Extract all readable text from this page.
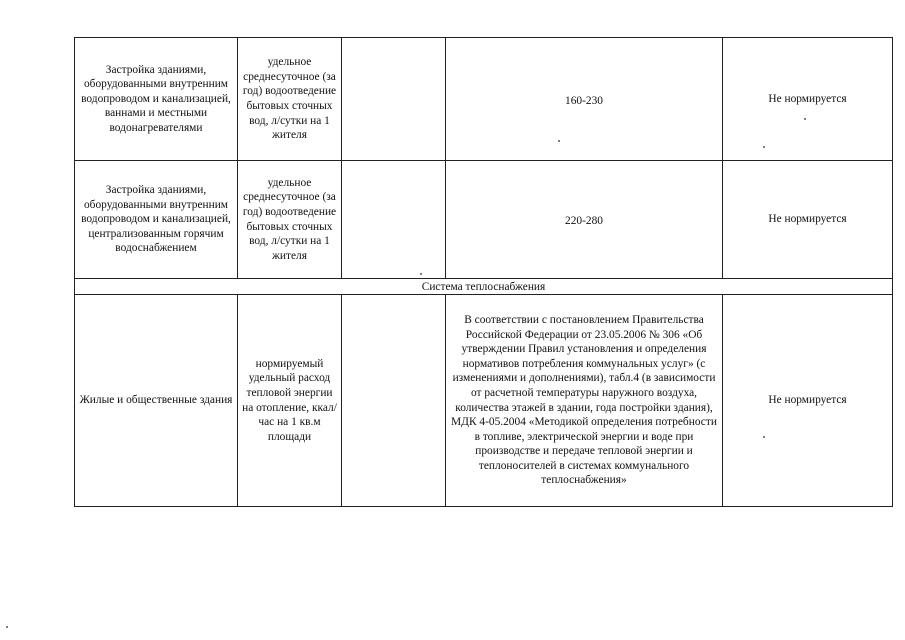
Застройка зданиями, оборудованными внутренним водопроводом и канализацией, ваннами и местными водонагревателями	удельное среднесуточное (за год) водоотведение бытовых сточных вод, л/сутки на 1 жителя		160-230	Не нормируется
Застройка зданиями, оборудованными внутренним водопроводом и канализацией, централизованным горячим водоснабжением	удельное среднесуточное (за год) водоотведение бытовых сточных вод, л/сутки на 1 жителя		220-280	Не нормируется
Система теплоснабжения				
Жилые и общественные здания	нормируемый удельный расход тепловой энергии на отопление, ккал/час на 1 кв.м площади		В соответствии с постановлением Правительства Российской Федерации от 23.05.2006 № 306 «Об утверждении Правил установления и определения нормативов потребления коммунальных услуг» (с изменениями и дополнениями), табл.4 (в зависимости от расчетной температуры наружного воздуха, количества этажей в здании, года постройки здания), МДК 4-05.2004 «Методикой определения потребности в топливе, электрической энергии и воде при производстве и передаче тепловой энергии и теплоносителей в системах коммунального теплоснабжения»	Не нормируется
